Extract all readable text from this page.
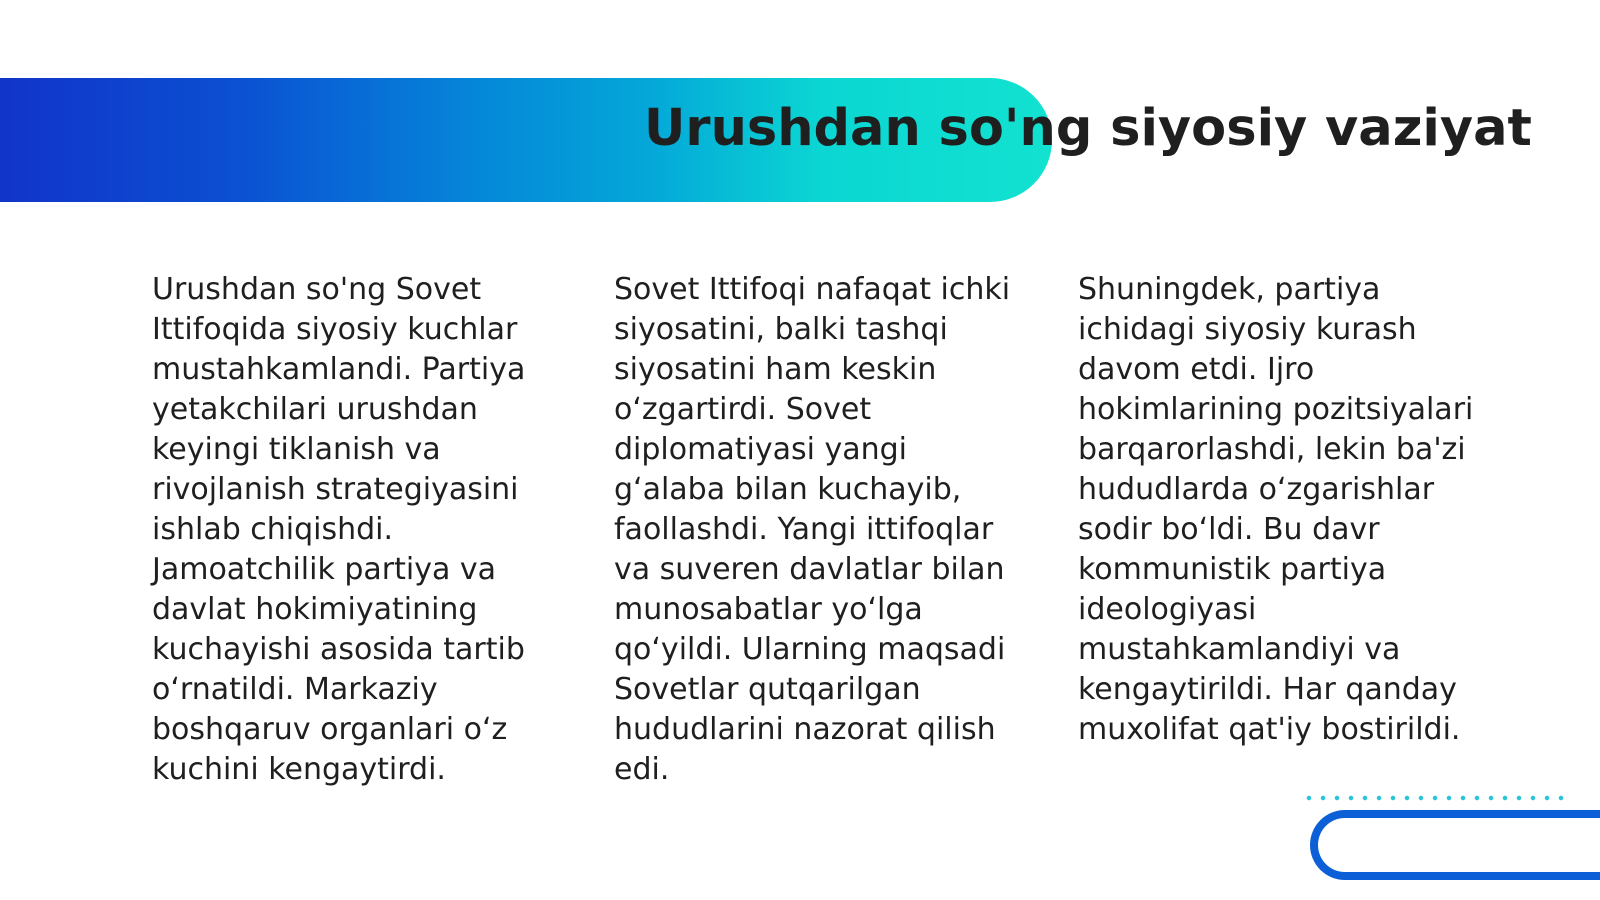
Urushdan so'ng siyosiy vaziyat

Urushdan so'ng Sovet Ittifoqida siyosiy kuchlar mustahkamlandi. Partiya yetakchilari urushdan keyingi tiklanish va rivojlanish strategiyasini ishlab chiqishdi. Jamoatchilik partiya va davlat hokimiyatining kuchayishi asosida tartib o‘rnatildi. Markaziy boshqaruv organlari o‘z kuchini kengaytirdi.

Sovet Ittifoqi nafaqat ichki siyosatini, balki tashqi siyosatini ham keskin o‘zgartirdi. Sovet diplomatiyasi yangi g‘alaba bilan kuchayib, faollashdi. Yangi ittifoqlar va suveren davlatlar bilan munosabatlar yo‘lga qo‘yildi. Ularning maqsadi Sovetlar qutqarilgan hududlarini nazorat qilish edi.

Shuningdek, partiya ichidagi siyosiy kurash davom etdi. Ijro hokimlarining pozitsiyalari barqarorlashdi, lekin ba'zi hududlarda o‘zgarishlar sodir bo‘ldi. Bu davr kommunistik partiya ideologiyasi mustahkamlandiyi va kengaytirildi. Har qanday muxolifat qat'iy bostirildi.
